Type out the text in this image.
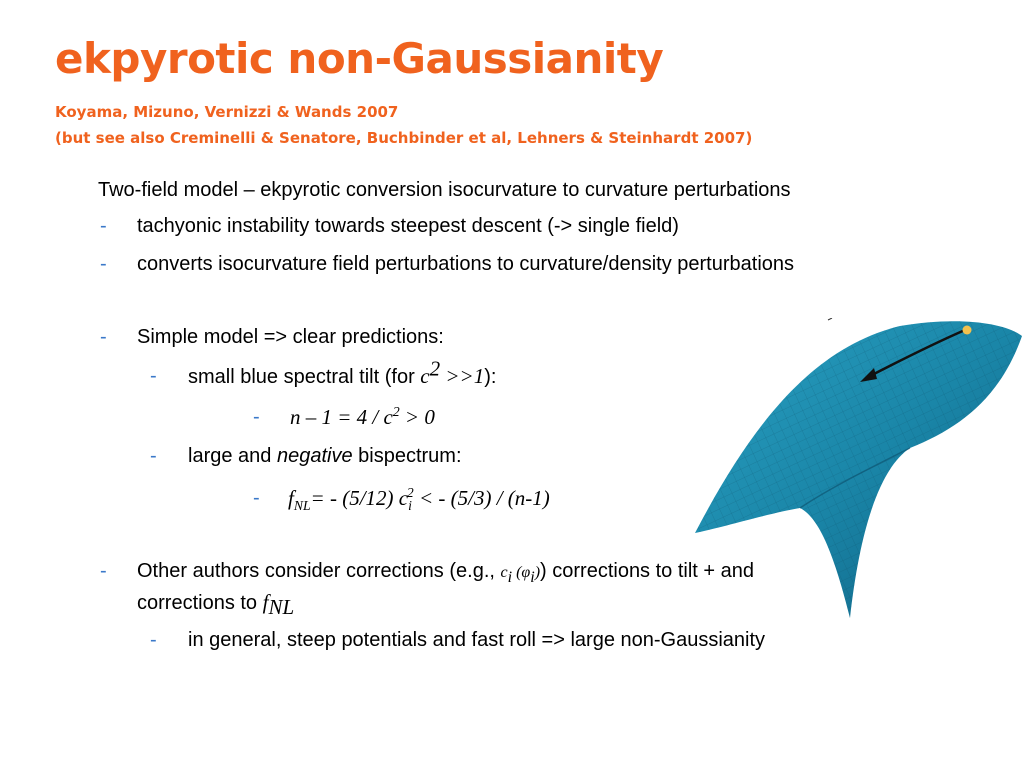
ekpyrotic non-Gaussianity
Koyama, Mizuno, Vernizzi & Wands 2007
(but see also Creminelli & Senatore, Buchbinder et al, Lehners & Steinhardt 2007)
Two-field model – ekpyrotic conversion isocurvature to curvature perturbations
- tachyonic instability towards steepest descent (-> single field)
- converts isocurvature field perturbations to curvature/density perturbations
- Simple model => clear predictions:
- small blue spectral tilt (for $c^2 >>1$):
- $n - 1 = 4 / c^2 > 0$
- large and negative bispectrum:
- $f_{NL}= - (5/12) c_i^2$ < - (5/3) / (n-1)
- Other authors consider corrections (e.g., $c_i$ $(\varphi_i)$) corrections to tilt + and
corrections to $f_{NL}$
- in general, steep potentials and fast roll => large non-Gaussianity
